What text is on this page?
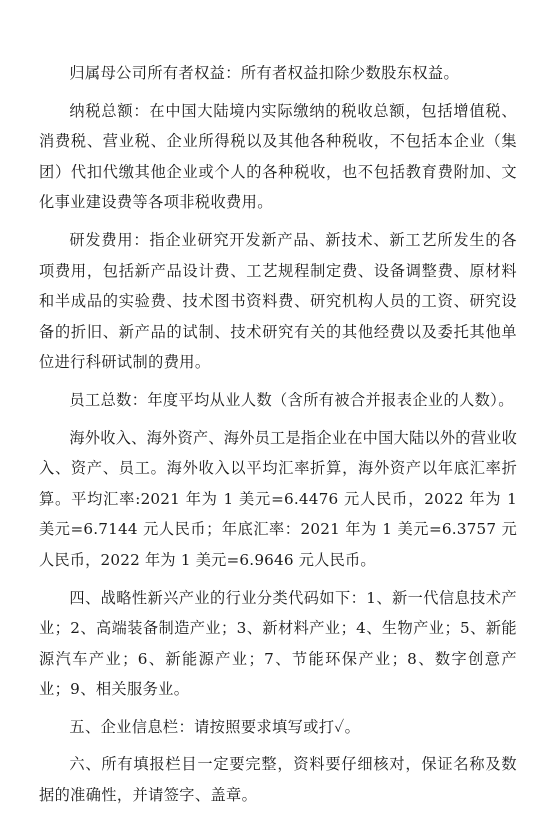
归属母公司所有者权益：所有者权益扣除少数股东权益。

纳税总额：在中国大陆境内实际缴纳的税收总额，包括增值税、消费税、营业税、企业所得税以及其他各种税收，不包括本企业（集团）代扣代缴其他企业或个人的各种税收，也不包括教育费附加、文化事业建设费等各项非税收费用。

研发费用：指企业研究开发新产品、新技术、新工艺所发生的各项费用，包括新产品设计费、工艺规程制定费、设备调整费、原材料和半成品的实验费、技术图书资料费、研究机构人员的工资、研究设备的折旧、新产品的试制、技术研究有关的其他经费以及委托其他单位进行科研试制的费用。

员工总数：年度平均从业人数（含所有被合并报表企业的人数）。

海外收入、海外资产、海外员工是指企业在中国大陆以外的营业收入、资产、员工。海外收入以平均汇率折算，海外资产以年底汇率折算。平均汇率:2021 年为 1 美元=6.4476 元人民币，2022 年为 1 美元=6.7144 元人民币；年底汇率：2021 年为 1 美元=6.3757 元人民币，2022 年为 1 美元=6.9646 元人民币。

四、战略性新兴产业的行业分类代码如下：1、新一代信息技术产业；2、高端装备制造产业；3、新材料产业；4、生物产业；5、新能源汽车产业；6、新能源产业；7、节能环保产业；8、数字创意产业；9、相关服务业。

五、企业信息栏：请按照要求填写或打✓。

六、所有填报栏目一定要完整，资料要仔细核对，保证名称及数据的准确性，并请签字、盖章。
